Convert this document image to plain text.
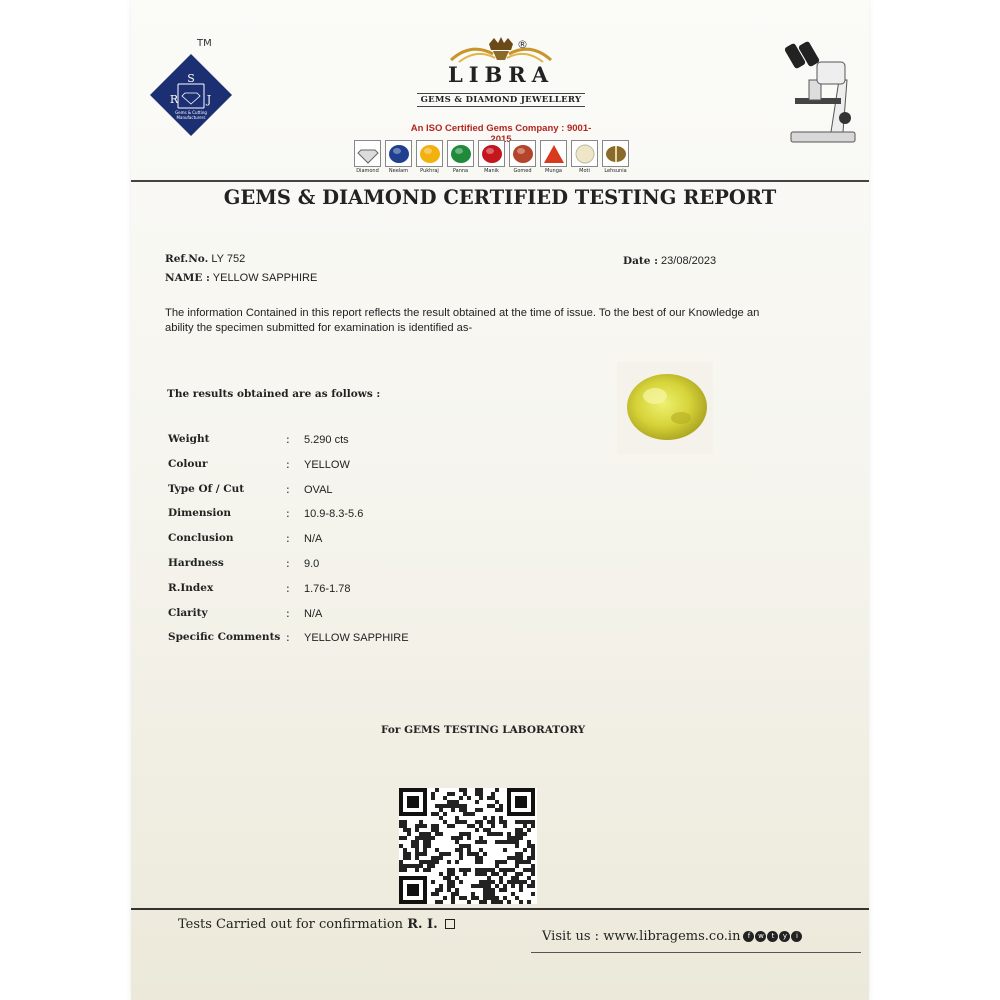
S
R	J
Gems & Cutting
Manufacturers
TM
LIBRA
GEMS & DIAMOND JEWELLERY
®
An ISO Certified Gems Company : 9001- 15
Diamond Neelam Pukhraj	Panna	Manik	Gomed	Munga	Moti	Lehsunia
GEMS & DIAMOND CERTIFIED TESTING REPORT
Ref.No. LY 752
NAME : YELLOW SAPPHIRE
Date : 23/08/2023
The information Contained in this report reflects the result obtained at the time of issue. To the best of our Knowledge an ability the specimen submitted for examination is identified as-
The results obtained are as follows :
Weight	: 5.290 cts
Colour	: YELLOW
Type Of / Cut	: OVAL
Dimension	: 10.9-8.3-5.6
Conclusion	: N/A
Hardness	: 9.0
R.Index	: 1.76-1.78
Clarity	: N/A
Specific Comments : YELLOW SAPPHIRE
For GEMS TESTING LABORATORY
Tests Carried out for confirmation R. I.
Visit us : www.libragems.co.in	f	w	t	y	i
